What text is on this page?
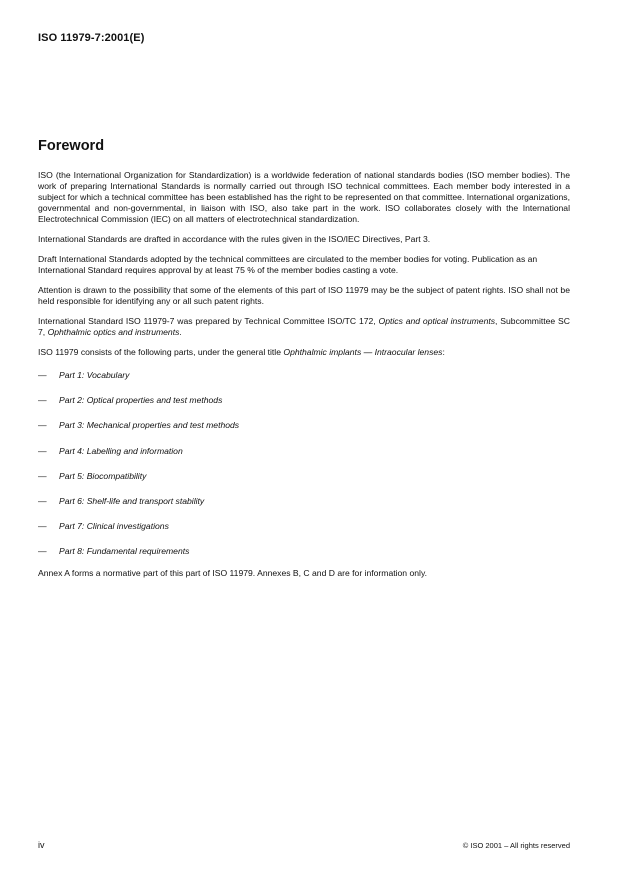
ISO 11979-7:2001(E)
Foreword

ISO (the International Organization for Standardization) is a worldwide federation of national standards bodies (ISO member bodies). The work of preparing International Standards is normally carried out through ISO technical committees. Each member body interested in a subject for which a technical committee has been established has the right to be represented on that committee. International organizations, governmental and non-governmental, in liaison with ISO, also take part in the work. ISO collaborates closely with the International Electrotechnical Commission (IEC) on all matters of electrotechnical standardization.

International Standards are drafted in accordance with the rules given in the ISO/IEC Directives, Part 3.

Draft International Standards adopted by the technical committees are circulated to the member bodies for voting. Publication as an International Standard requires approval by at least 75 % of the member bodies casting a vote.

Attention is drawn to the possibility that some of the elements of this part of ISO 11979 may be the subject of patent rights. ISO shall not be held responsible for identifying any or all such patent rights.

International Standard ISO 11979-7 was prepared by Technical Committee ISO/TC 172, Optics and optical instruments, Subcommittee SC 7, Ophthalmic optics and instruments.

ISO 11979 consists of the following parts, under the general title Ophthalmic implants — Intraocular lenses:

—	Part 1: Vocabulary
—	Part 2: Optical properties and test methods
—	Part 3: Mechanical properties and test methods
—	Part 4: Labelling and information
—	Part 5: Biocompatibility
—	Part 6: Shelf-life and transport stability
—	Part 7: Clinical investigations
—	Part 8: Fundamental requirements

Annex A forms a normative part of this part of ISO 11979. Annexes B, C and D are for information only.

iv	© ISO 2001 – All rights reserved
